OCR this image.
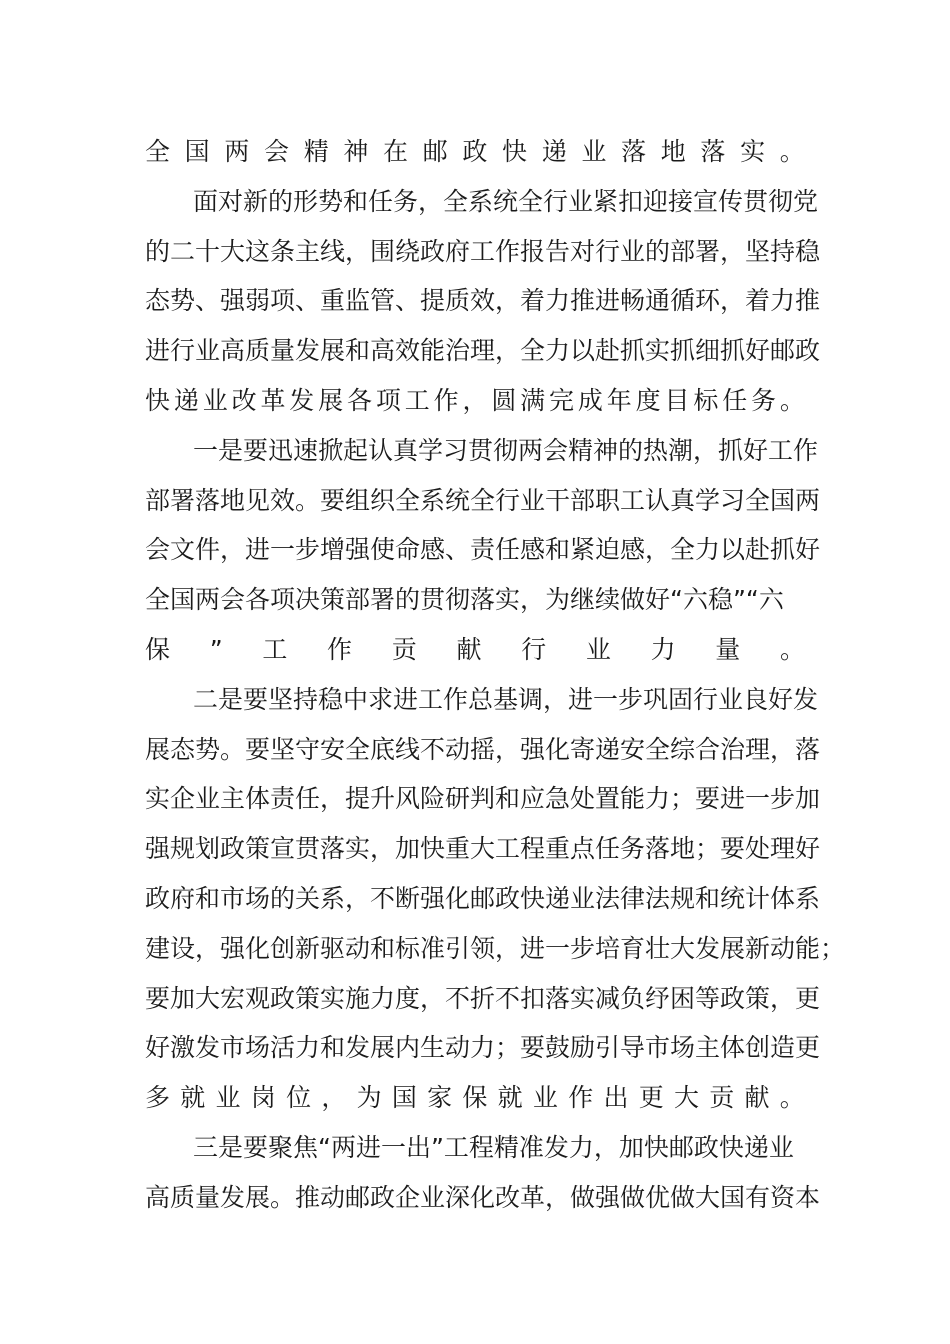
全 国 两 会 精 神 在 邮 政 快 递 业 落 地 落 实 。
面对新的形势和任务，全系统全行业紧扣迎接宣传贯彻党
的二十大这条主线，围绕政府工作报告对行业的部署，坚持稳
态势、强弱项、重监管、提质效，着力推进畅通循环，着力推
进行业高质量发展和高效能治理，全力以赴抓实抓细抓好邮政
快 递 业 改 革 发 展 各 项 工 作 ， 圆 满 完 成 年 度 目 标 任 务 。
一是要迅速掀起认真学习贯彻两会精神的热潮，抓好工作
部署落地见效。要组织全系统全行业干部职工认真学习全国两
会文件，进一步增强使命感、责任感和紧迫感，全力以赴抓好
全国两会各项决策部署的贯彻落实，为继续做好“六稳”“六
保 ” 工 作 贡 献 行 业 力 量 。
二是要坚持稳中求进工作总基调，进一步巩固行业良好发
展态势。要坚守安全底线不动摇，强化寄递安全综合治理，落
实企业主体责任，提升风险研判和应急处置能力；要进一步加
强规划政策宣贯落实，加快重大工程重点任务落地；要处理好
政府和市场的关系，不断强化邮政快递业法律法规和统计体系
建设，强化创新驱动和标准引领，进一步培育壮大发展新动能；
要加大宏观政策实施力度，不折不扣落实减负纾困等政策，更
好激发市场活力和发展内生动力；要鼓励引导市场主体创造更
多 就 业 岗 位 ， 为 国 家 保 就 业 作 出 更 大 贡 献 。
三是要聚焦“两进一出”工程精准发力，加快邮政快递业
高质量发展。推动邮政企业深化改革，做强做优做大国有资本
